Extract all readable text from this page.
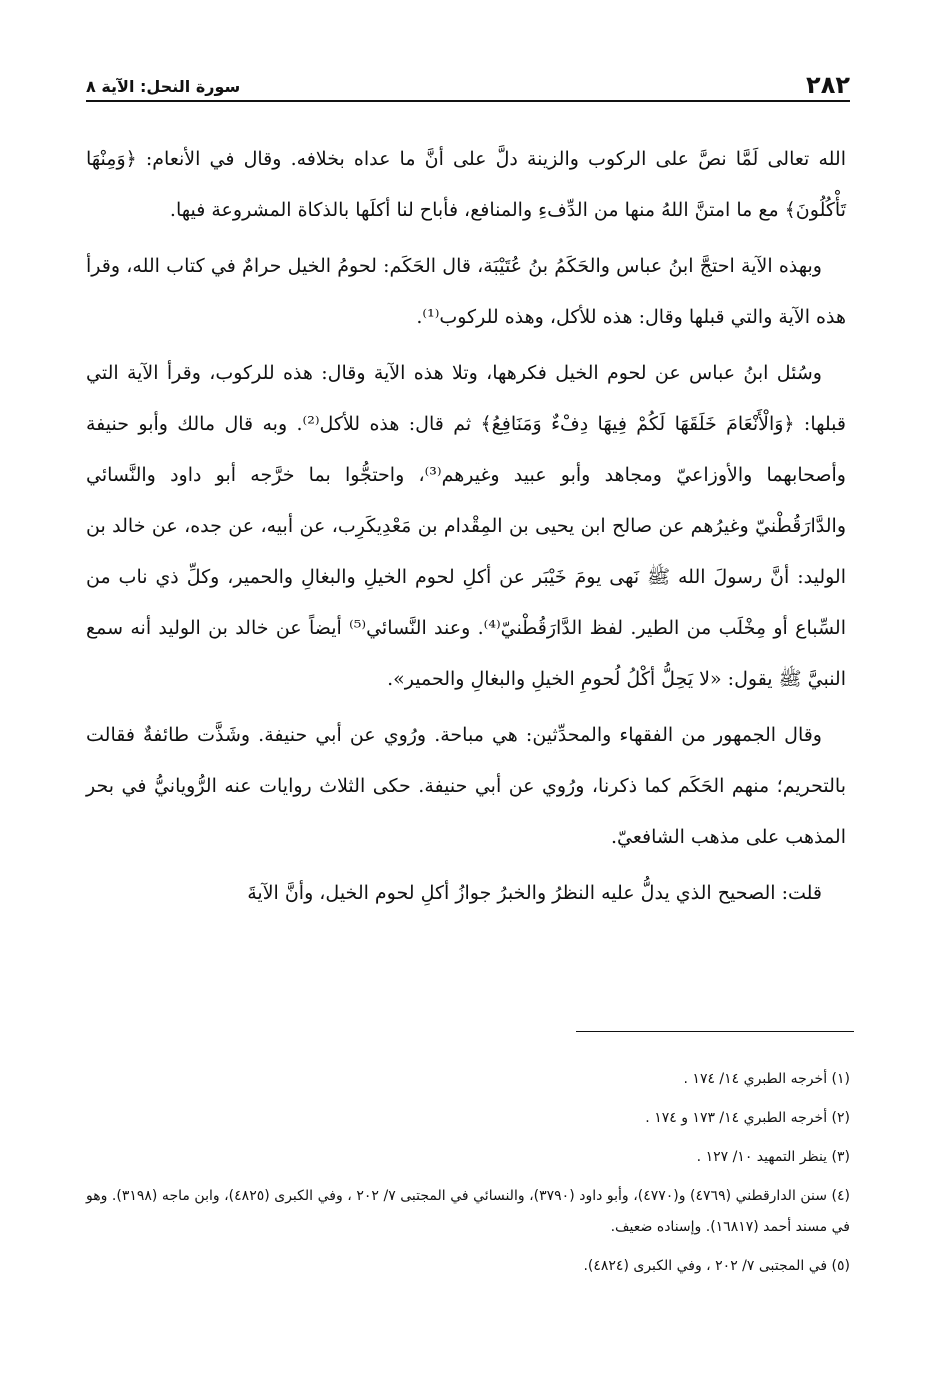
٢٨٢
سورة النحل: الآية ٨

الله تعالى لَمَّا نصَّ على الركوب والزينة دلَّ على أنَّ ما عداه بخلافه. وقال في الأنعام: ﴿وَمِنْهَا تَأْكُلُونَ﴾ مع ما امتنَّ اللهُ منها من الدِّفءِ والمنافع، فأباح لنا أكلَها بالذكاة المشروعة فيها.

وبهذه الآية احتجَّ ابنُ عباس والحَكَمُ بنُ عُتَيْبَة، قال الحَكَم: لحومُ الخيل حرامٌ في كتاب الله، وقرأ هذه الآية والتي قبلها وقال: هذه للأكل، وهذه للركوب⁽¹⁾.

وسُئل ابنُ عباس عن لحوم الخيل فكرهها، وتلا هذه الآية وقال: هذه للركوب، وقرأ الآية التي قبلها: ﴿وَالْأَنْعَامَ خَلَقَهَا لَكُمْ فِيهَا دِفْءٌ وَمَنَافِعُ﴾ ثم قال: هذه للأكل⁽²⁾. وبه قال مالك وأبو حنيفة وأصحابهما والأوزاعيّ ومجاهد وأبو عبيد وغيرهم⁽³⁾، واحتجُّوا بما خرَّجه أبو داود والنَّسائي والدَّارَقُطْنيّ وغيرُهم عن صالح ابن يحيى بن المِقْدام بن مَعْدِيكَرِب، عن أبيه، عن جده، عن خالد بن الوليد: أنَّ رسولَ الله ﷺ نَهى يومَ خَيْبَر عن أكلِ لحوم الخيلِ والبغالِ والحمير، وكلِّ ذي ناب من السِّباع أو مِخْلَب من الطير. لفظ الدَّارَقُطْنيّ⁽⁴⁾. وعند النَّسائي⁽⁵⁾ أيضاً عن خالد بن الوليد أنه سمع النبيَّ ﷺ يقول: «لا يَحِلُّ أكْلُ لُحومِ الخيلِ والبغالِ والحمير».

وقال الجمهور من الفقهاء والمحدِّثين: هي مباحة. ورُوي عن أبي حنيفة. وشَذَّت طائفةٌ فقالت بالتحريم؛ منهم الحَكَم كما ذكرنا، ورُوي عن أبي حنيفة. حكى الثلاث روايات عنه الرُّويانيُّ في بحر المذهب على مذهب الشافعيّ.

قلت: الصحيح الذي يدلُّ عليه النظرُ والخبرُ جوازُ أكلِ لحوم الخيل، وأنَّ الآيةَ

(١) أخرجه الطبري ١٤/ ١٧٤ .

(٢) أخرجه الطبري ١٤/ ١٧٣ و ١٧٤ .

(٣) ينظر التمهيد ١٠/ ١٢٧ .

(٤) سنن الدارقطني (٤٧٦٩) و(٤٧٧٠)، وأبو داود (٣٧٩٠)، والنسائي في المجتبى ٧/ ٢٠٢ ، وفي الكبرى (٤٨٢٥)، وابن ماجه (٣١٩٨). وهو في مسند أحمد (١٦٨١٧). وإسناده ضعيف.

(٥) في المجتبى ٧/ ٢٠٢ ، وفي الكبرى (٤٨٢٤).
